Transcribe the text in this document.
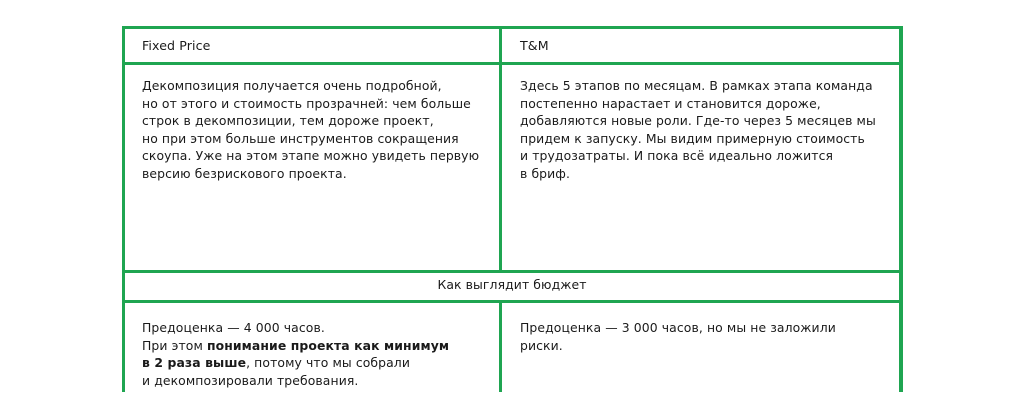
Fixed Price	T&M

Декомпозиция получается очень подробной,
но от этого и стоимость прозрачней: чем больше
строк в декомпозиции, тем дороже проект,
но при этом больше инструментов сокращения
скоупа. Уже на этом этапе можно увидеть первую
версию безрискового проекта.

Здесь 5 этапов по месяцам. В рамках этапа команда
постепенно нарастает и становится дороже,
добавляются новые роли. Где-то через 5 месяцев мы
придем к запуску. Мы видим примерную стоимость
и трудозатраты. И пока всё идеально ложится
в бриф.

Как выглядит бюджет

Предоценка — 4 000 часов.
При этом понимание проекта как минимум
в 2 раза выше, потому что мы собрали
и декомпозировали требования.

Предоценка — 3 000 часов, но мы не заложили
риски.
